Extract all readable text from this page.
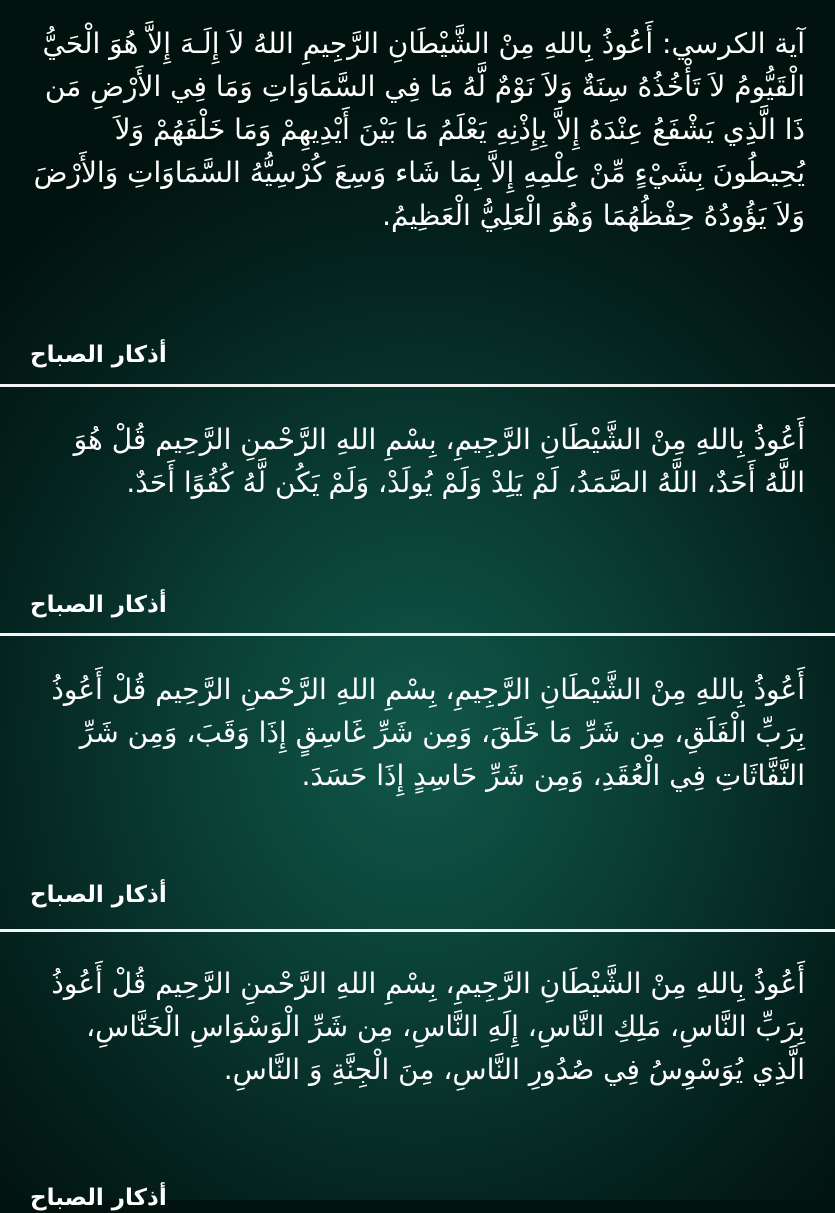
آية الكرسي: أَعُوذُ بِاللهِ مِنْ الشَّيْطَانِ الرَّجِيمِ اللهُ لاَ إِلَـهَ إِلاَّ هُوَ الْحَيُّ الْقَيُّومُ لاَ تَأْخُذُهُ سِنَةٌ وَلاَ نَوْمٌ لَّهُ مَا فِي السَّمَاوَاتِ وَمَا فِي الأَرْضِ مَن ذَا الَّذِي يَشْفَعُ عِنْدَهُ إِلاَّ بِإِذْنِهِ يَعْلَمُ مَا بَيْنَ أَيْدِيهِمْ وَمَا خَلْفَهُمْ وَلاَ يُحِيطُونَ بِشَيْءٍ مِّنْ عِلْمِهِ إِلاَّ بِمَا شَاء وَسِعَ كُرْسِيُّهُ السَّمَاوَاتِ وَالأَرْضَ وَلاَ يَؤُودُهُ حِفْظُهُمَا وَهُوَ الْعَلِيُّ الْعَظِيمُ.

أذكار الصباح

أَعُوذُ بِاللهِ مِنْ الشَّيْطَانِ الرَّجِيمِ، بِسْمِ اللهِ الرَّحْمنِ الرَّحِيم قُلْ هُوَ اللَّهُ أَحَدٌ، اللَّهُ الصَّمَدُ، لَمْ يَلِدْ وَلَمْ يُولَدْ، وَلَمْ يَكُن لَّهُ كُفُوًا أَحَدٌ.

أذكار الصباح

أَعُوذُ بِاللهِ مِنْ الشَّيْطَانِ الرَّجِيمِ، بِسْمِ اللهِ الرَّحْمنِ الرَّحِيم قُلْ أَعُوذُ بِرَبِّ الْفَلَقِ، مِن شَرِّ مَا خَلَقَ، وَمِن شَرِّ غَاسِقٍ إِذَا وَقَبَ، وَمِن شَرِّ النَّفَّاثَاتِ فِي الْعُقَدِ، وَمِن شَرِّ حَاسِدٍ إِذَا حَسَدَ.

أذكار الصباح

أَعُوذُ بِاللهِ مِنْ الشَّيْطَانِ الرَّجِيمِ، بِسْمِ اللهِ الرَّحْمنِ الرَّحِيم قُلْ أَعُوذُ بِرَبِّ النَّاسِ، مَلِكِ النَّاسِ، إِلَهِ النَّاسِ، مِن شَرِّ الْوَسْوَاسِ الْخَنَّاسِ، الَّذِي يُوَسْوِسُ فِي صُدُورِ النَّاسِ، مِنَ الْجِنَّةِ وَ النَّاسِ.

أذكار الصباح
